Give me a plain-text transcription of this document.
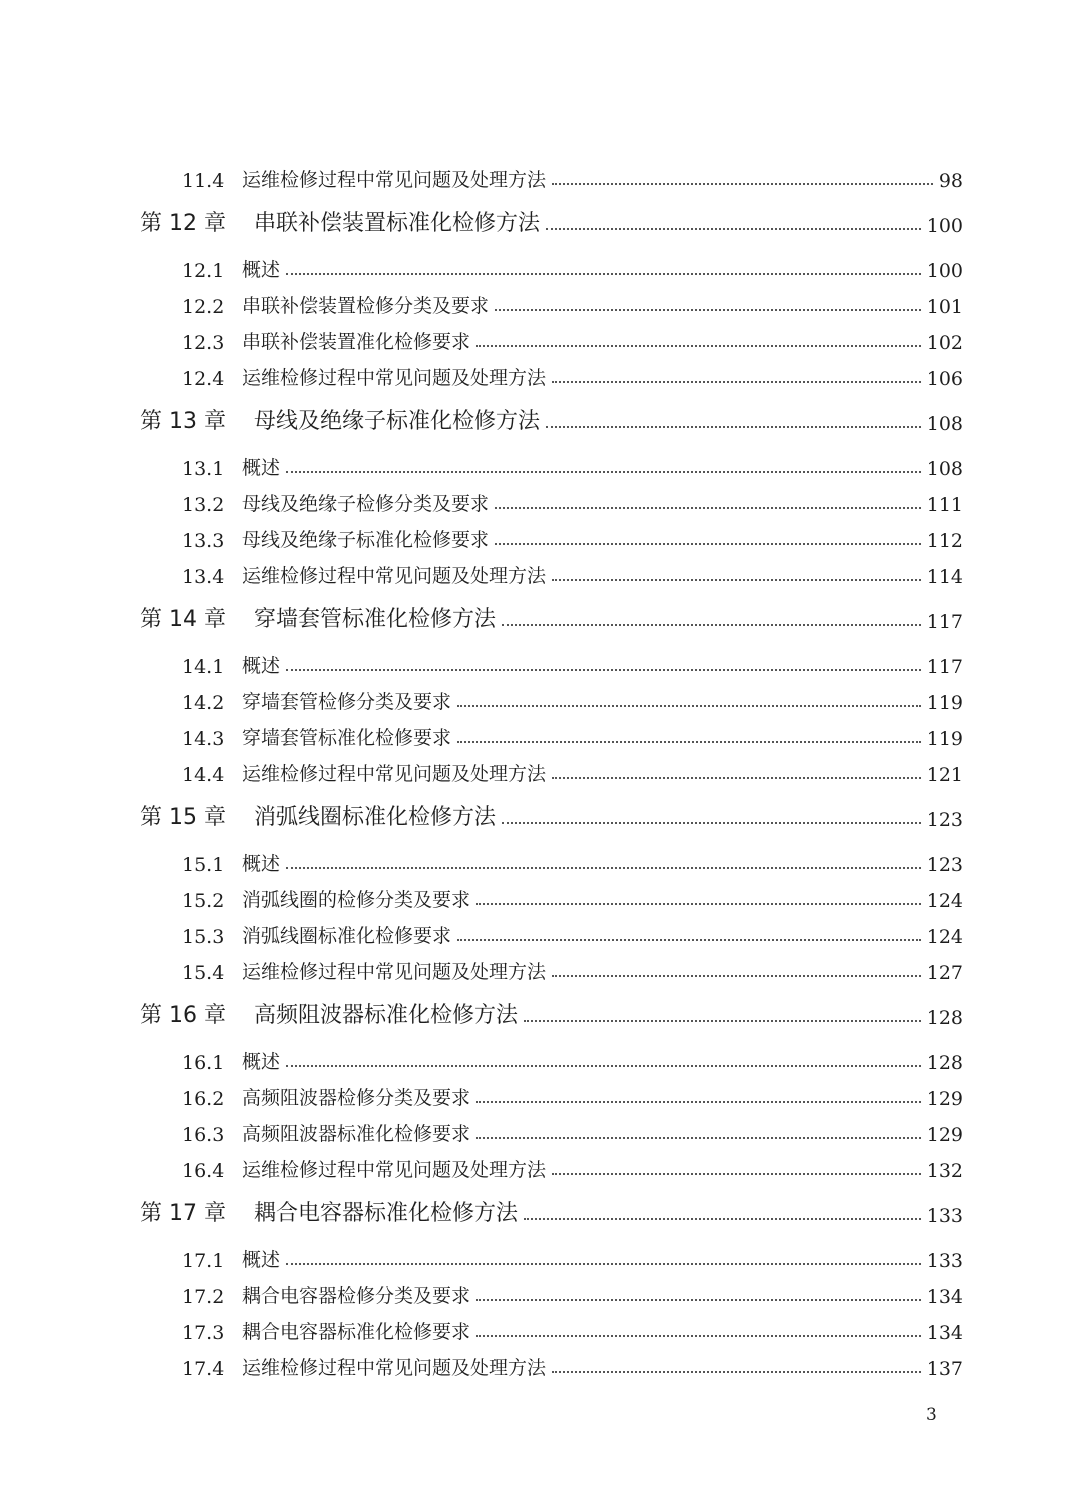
11.4 运维检修过程中常见问题及处理方法	98
第 12 章	串联补偿装置标准化检修方法	100
12.1 概述	100
12.2 串联补偿装置检修分类及要求	101
12.3 串联补偿装置准化检修要求	102
12.4 运维检修过程中常见问题及处理方法	106
第 13 章	母线及绝缘子标准化检修方法	108
13.1 概述	108
13.2 母线及绝缘子检修分类及要求	111
13.3 母线及绝缘子标准化检修要求	112
13.4 运维检修过程中常见问题及处理方法	114
第 14 章	穿墙套管标准化检修方法	117
14.1 概述	117
14.2 穿墙套管检修分类及要求	119
14.3 穿墙套管标准化检修要求	119
14.4 运维检修过程中常见问题及处理方法	121
第 15 章	消弧线圈标准化检修方法	123
15.1 概述	123
15.2 消弧线圈的检修分类及要求	124
15.3 消弧线圈标准化检修要求	124
15.4 运维检修过程中常见问题及处理方法	127
第 16 章	高频阻波器标准化检修方法	128
16.1 概述	128
16.2 高频阻波器检修分类及要求	129
16.3 高频阻波器标准化检修要求	129
16.4 运维检修过程中常见问题及处理方法	132
第 17 章	耦合电容器标准化检修方法	133
17.1 概述	133
17.2 耦合电容器检修分类及要求	134
17.3 耦合电容器标准化检修要求	134
17.4 运维检修过程中常见问题及处理方法	137
3
